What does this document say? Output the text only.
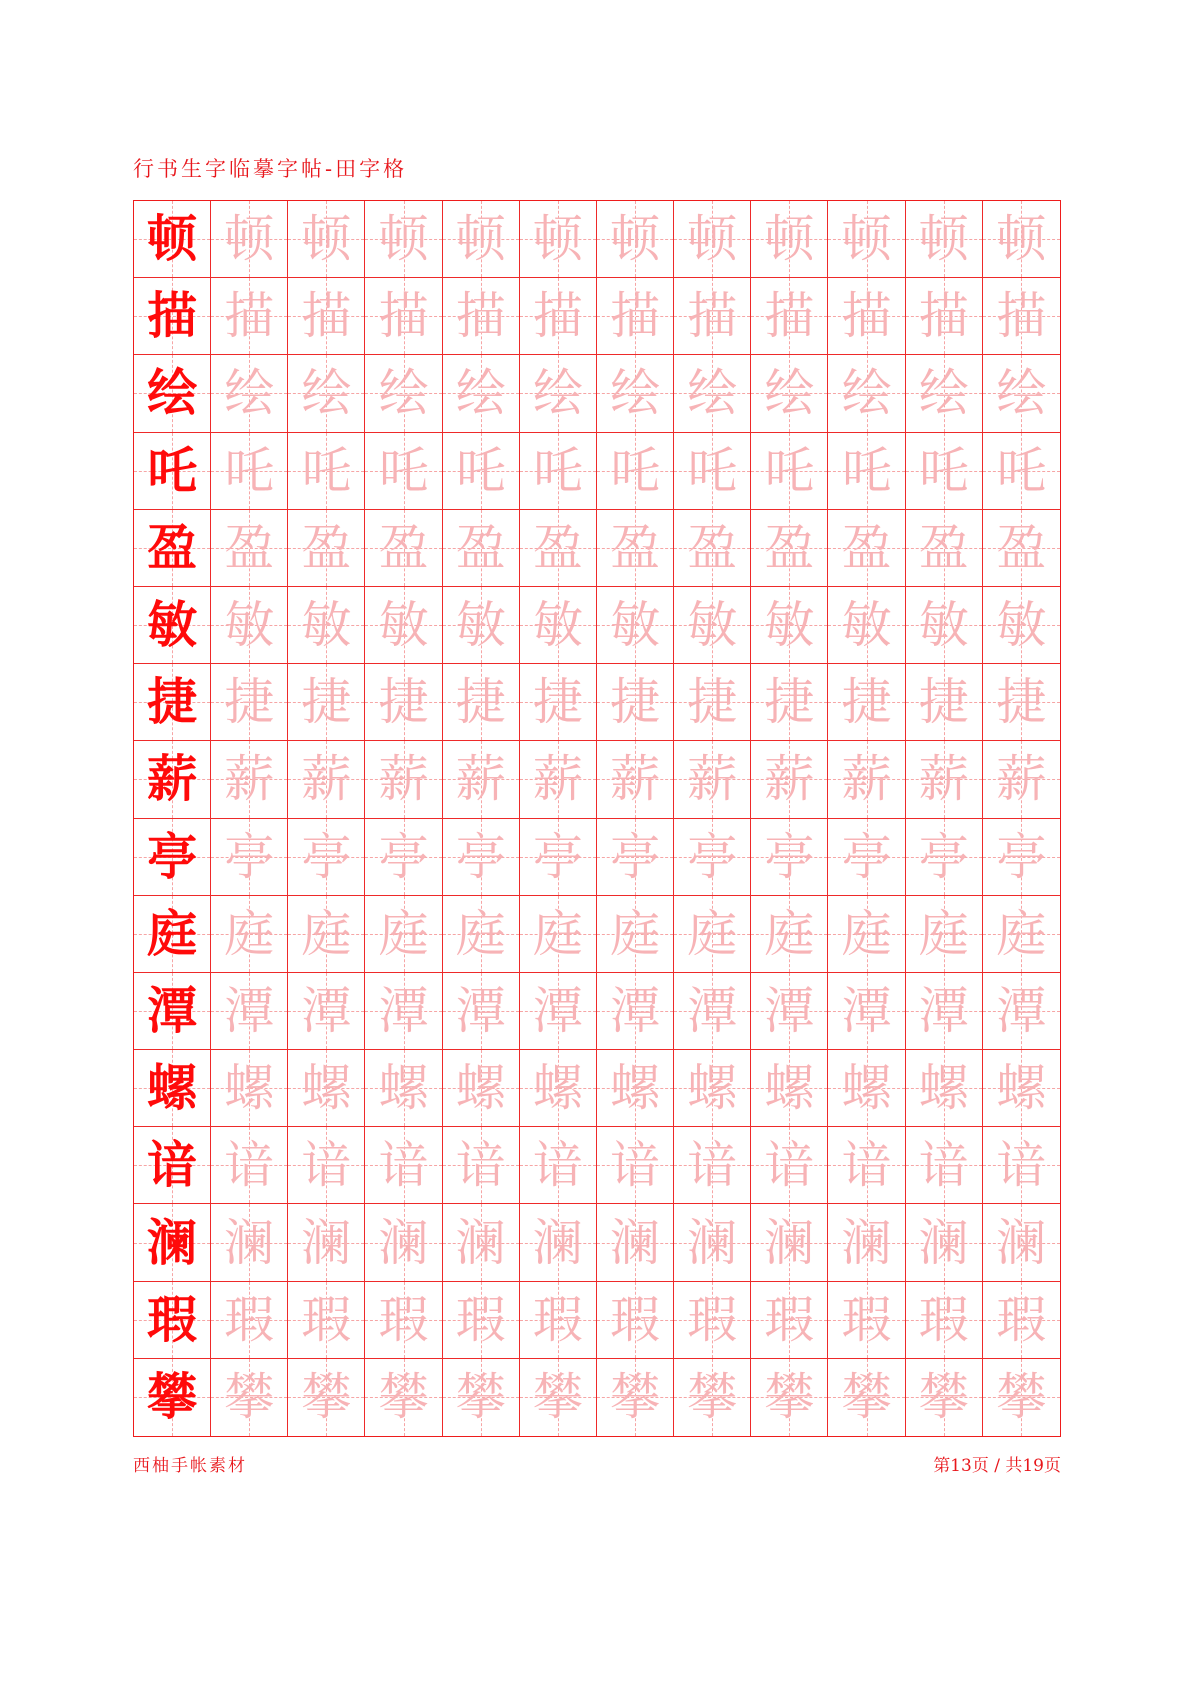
行书生字临摹字帖-田字格
顿 顿 顿 顿 顿 顿 顿 顿 顿 顿 顿 顿
描 描 描 描 描 描 描 描 描 描 描 描
绘 绘 绘 绘 绘 绘 绘 绘 绘 绘 绘 绘
吒 吒 吒 吒 吒 吒 吒 吒 吒 吒 吒 吒
盈 盈 盈 盈 盈 盈 盈 盈 盈 盈 盈 盈
敏 敏 敏 敏 敏 敏 敏 敏 敏 敏 敏 敏
捷 捷 捷 捷 捷 捷 捷 捷 捷 捷 捷 捷
薪 薪 薪 薪 薪 薪 薪 薪 薪 薪 薪 薪
亭 亭 亭 亭 亭 亭 亭 亭 亭 亭 亭 亭
庭 庭 庭 庭 庭 庭 庭 庭 庭 庭 庭 庭
潭 潭 潭 潭 潭 潭 潭 潭 潭 潭 潭 潭
螺 螺 螺 螺 螺 螺 螺 螺 螺 螺 螺 螺
谙 谙 谙 谙 谙 谙 谙 谙 谙 谙 谙 谙
澜 澜 澜 澜 澜 澜 澜 澜 澜 澜 澜 澜
瑕 瑕 瑕 瑕 瑕 瑕 瑕 瑕 瑕 瑕 瑕 瑕
攀 攀 攀 攀 攀 攀 攀 攀 攀 攀 攀 攀
西柚手帐素材	第13页 / 共19页
